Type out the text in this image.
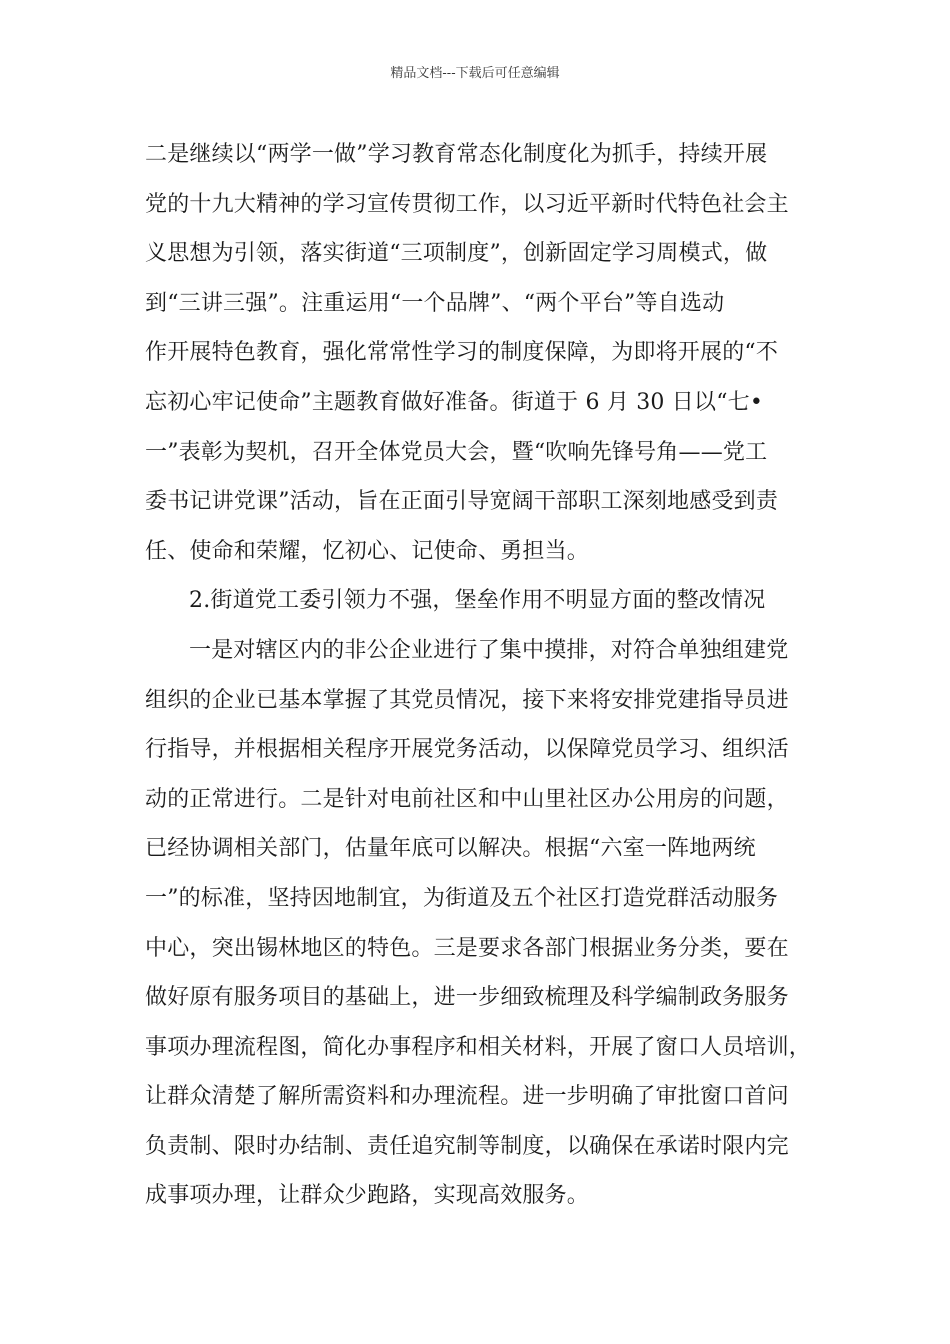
精品文档---下载后可任意编辑
二是继续以“两学一做”学习教育常态化制度化为抓手，持续开展
党的十九大精神的学习宣传贯彻工作，以习近平新时代特色社会主
义思想为引领，落实街道“三项制度”，创新固定学习周模式，做
到“三讲三强”。注重运用“一个品牌”、“两个平台”等自选动
作开展特色教育，强化常常性学习的制度保障，为即将开展的“不
忘初心牢记使命”主题教育做好准备。街道于 6 月 30 日以“七•
一”表彰为契机，召开全体党员大会，暨“吹响先锋号角——党工
委书记讲党课”活动，旨在正面引导宽阔干部职工深刻地感受到责
任、使命和荣耀，忆初心、记使命、勇担当。
2.街道党工委引领力不强，堡垒作用不明显方面的整改情况
一是对辖区内的非公企业进行了集中摸排，对符合单独组建党
组织的企业已基本掌握了其党员情况，接下来将安排党建指导员进
行指导，并根据相关程序开展党务活动，以保障党员学习、组织活
动的正常进行。二是针对电前社区和中山里社区办公用房的问题，
已经协调相关部门，估量年底可以解决。根据“六室一阵地两统
一”的标准，坚持因地制宜，为街道及五个社区打造党群活动服务
中心，突出锡林地区的特色。三是要求各部门根据业务分类，要在
做好原有服务项目的基础上，进一步细致梳理及科学编制政务服务
事项办理流程图，简化办事程序和相关材料，开展了窗口人员培训，
让群众清楚了解所需资料和办理流程。进一步明确了审批窗口首问
负责制、限时办结制、责任追究制等制度，以确保在承诺时限内完
成事项办理，让群众少跑路，实现高效服务。
